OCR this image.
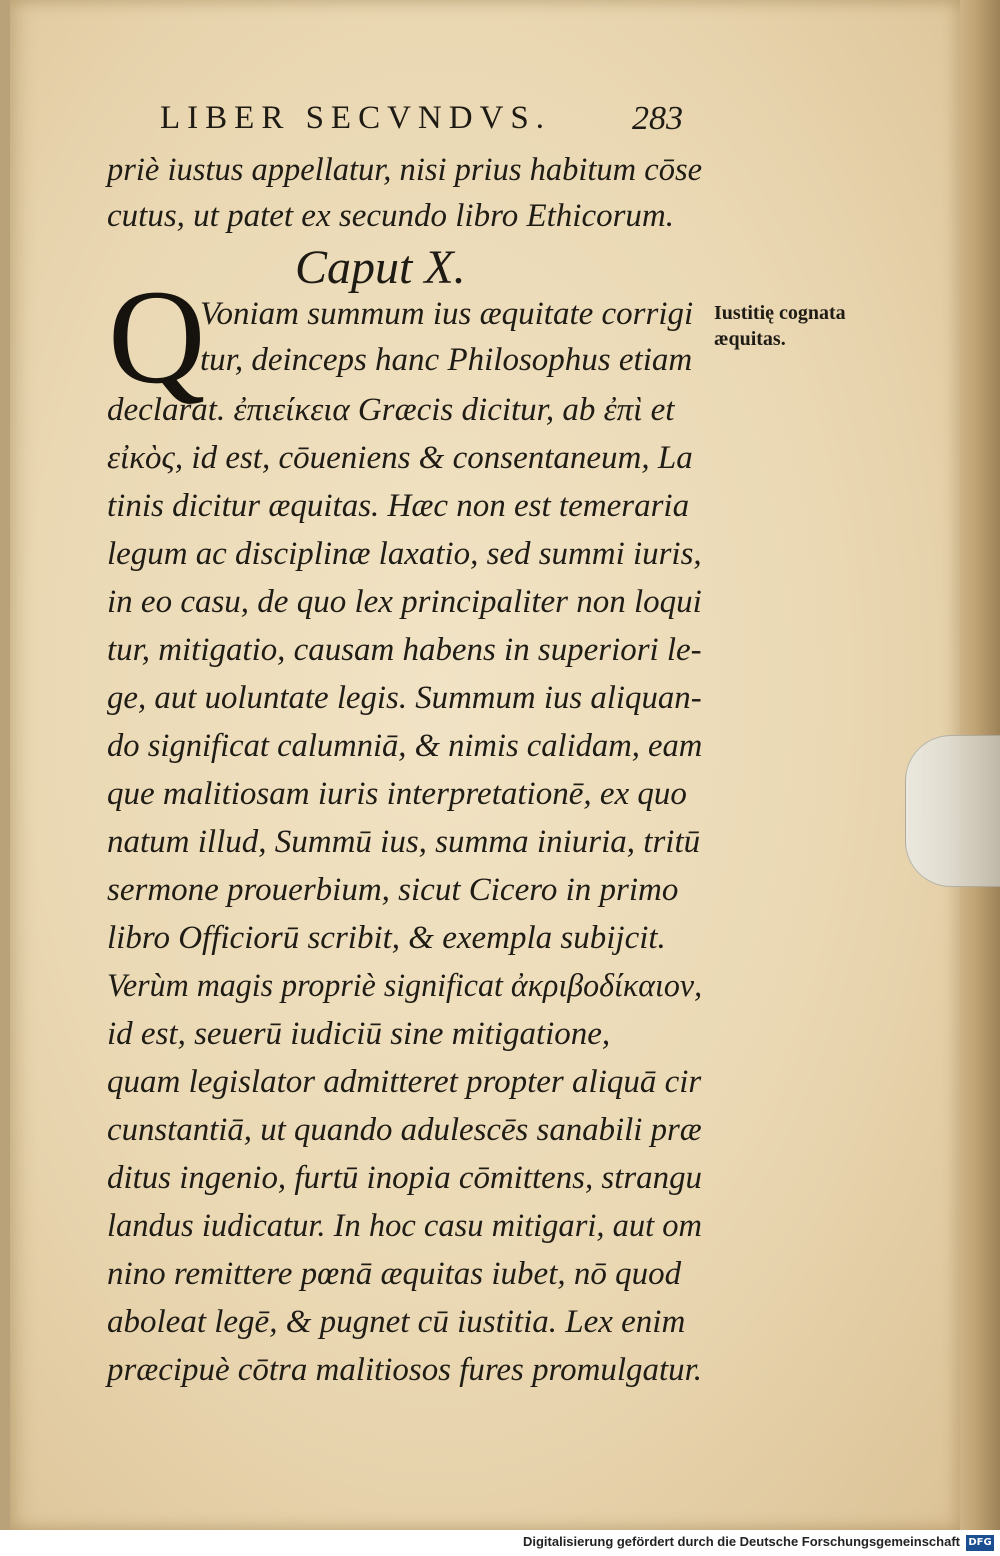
LIBER SECVNDVS.	283
priè iustus appellatur, nisi prius habitum cōse
cutus, ut patet ex secundo libro Ethicorum.
Caput X.
Q
Voniam summum ius æquitate corrigi
tur, deinceps hanc Philosophus etiam
Iustitię cognata æquitas.
declarat. ἐπιείκεια Græcis dicitur, ab ἐπὶ et
εἰκὸς, id est, cōueniens & consentaneum, La
tinis dicitur æquitas. Hæc non est temeraria
legum ac disciplinæ laxatio, sed summi iuris,
in eo casu, de quo lex principaliter non loqui
tur, mitigatio, causam habens in superiori le-
ge, aut uoluntate legis. Summum ius aliquan-
do significat calumniā, & nimis calidam, eam
que malitiosam iuris interpretationē, ex quo
natum illud, Summū ius, summa iniuria, tritū
sermone prouerbium, sicut Cicero in primo
libro Officiorū scribit, & exempla subijcit.
Verùm magis propriè significat ἀκριβοδίκαιον,
id est, seuerū iudiciū sine mitigatione,
quam legislator admitteret propter aliquā cir
cunstantiā, ut quando adulescēs sanabili præ
ditus ingenio, furtū inopia cōmittens, strangu
landus iudicatur. In hoc casu mitigari, aut om
nino remittere pœnā æquitas iubet, nō quod
aboleat legē, & pugnet cū iustitia. Lex enim
præcipuè cōtra malitiosos fures promulgatur.
Digitalisierung gefördert durch die Deutsche Forschungsgemeinschaft DFG
